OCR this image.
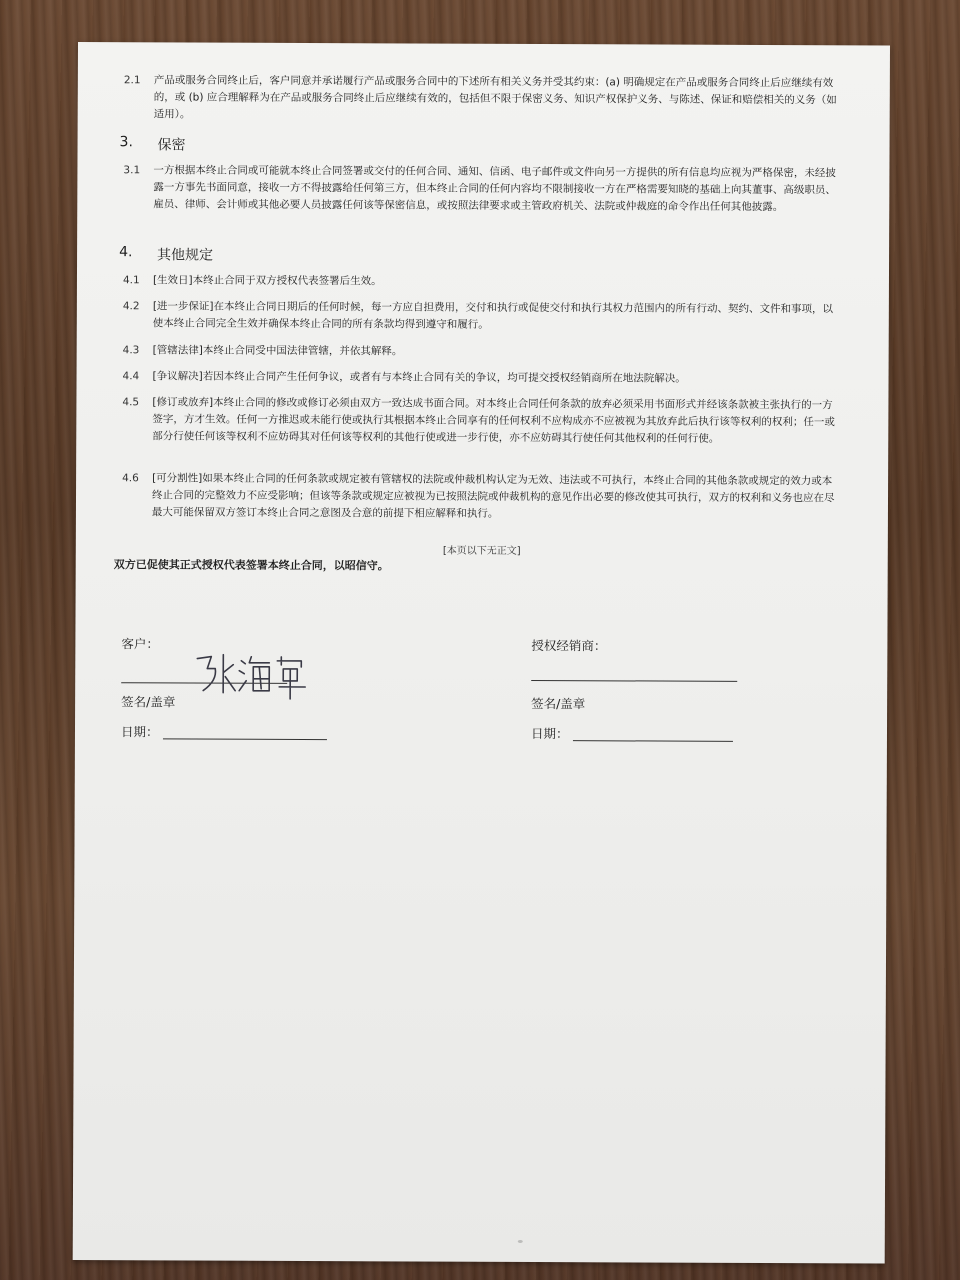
2.1	产品或服务合同终止后，客户同意并承诺履行产品或服务合同中的下述所有相关义务并受其约束：(a) 明确规定在产品或服务合同终止后应继续有效的，或 (b) 应合理解释为在产品或服务合同终止后应继续有效的，包括但不限于保密义务、知识产权保护义务、与陈述、保证和赔偿相关的义务（如适用）。
3.	保密
3.1	一方根据本终止合同或可能就本终止合同签署或交付的任何合同、通知、信函、电子邮件或文件向另一方提供的所有信息均应视为严格保密，未经披露一方事先书面同意，接收一方不得披露给任何第三方，但本终止合同的任何内容均不限制接收一方在严格需要知晓的基础上向其董事、高级职员、雇员、律师、会计师或其他必要人员披露任何该等保密信息，或按照法律要求或主管政府机关、法院或仲裁庭的命令作出任何其他披露。
4.	其他规定
4.1	[生效日]本终止合同于双方授权代表签署后生效。
4.2	[进一步保证]在本终止合同日期后的任何时候，每一方应自担费用，交付和执行或促使交付和执行其权力范围内的所有行动、契约、文件和事项，以使本终止合同完全生效并确保本终止合同的所有条款均得到遵守和履行。
4.3	[管辖法律]本终止合同受中国法律管辖，并依其解释。
4.4	[争议解决]若因本终止合同产生任何争议，或者有与本终止合同有关的争议，均可提交授权经销商所在地法院解决。
4.5	[修订或放弃]本终止合同的修改或修订必须由双方一致达成书面合同。对本终止合同任何条款的放弃必须采用书面形式并经该条款被主张执行的一方签字，方才生效。任何一方推迟或未能行使或执行其根据本终止合同享有的任何权利不应构成亦不应被视为其放弃此后执行该等权利的权利；任一或部分行使任何该等权利不应妨碍其对任何该等权利的其他行使或进一步行使，亦不应妨碍其行使任何其他权利的任何行使。
4.6	[可分割性]如果本终止合同的任何条款或规定被有管辖权的法院或仲裁机构认定为无效、违法或不可执行，本终止合同的其他条款或规定的效力或本终止合同的完整效力不应受影响；但该等条款或规定应被视为已按照法院或仲裁机构的意见作出必要的修改使其可执行，双方的权利和义务也应在尽最大可能保留双方签订本终止合同之意图及合意的前提下相应解释和执行。
[本页以下无正文]
双方已促使其正式授权代表签署本终止合同，以昭信守。
客户：
签名/盖章
日期：
授权经销商：
签名/盖章
日期：
